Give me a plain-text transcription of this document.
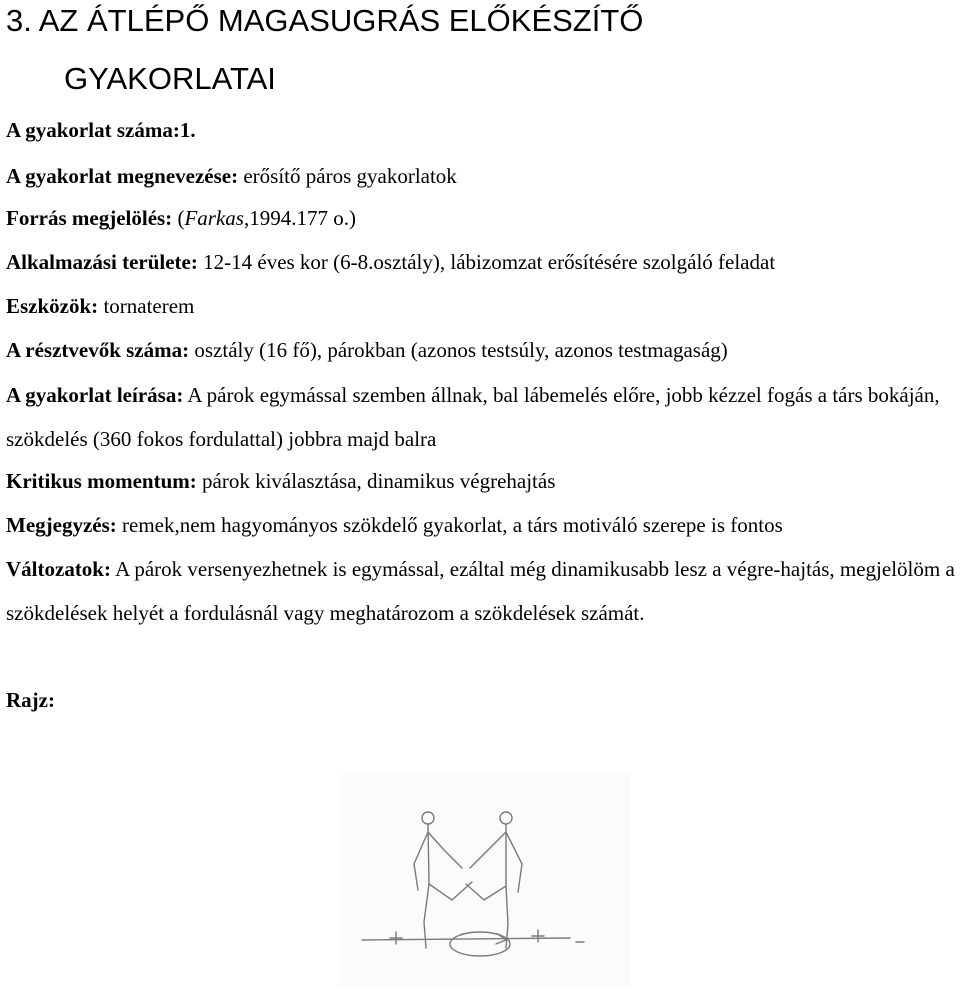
3. AZ ÁTLÉPŐ MAGASUGRÁS ELŐKÉSZÍTŐ
GYAKORLATAI

A gyakorlat száma:1.

A gyakorlat megnevezése: erősítő páros gyakorlatok

Forrás megjelölés: (Farkas,1994.177 o.)

Alkalmazási területe: 12-14 éves kor (6-8.osztály), lábizomzat erősítésére szolgáló feladat

Eszközök: tornaterem

A résztvevők száma: osztály (16 fő), párokban (azonos testsúly, azonos testmagaság)

A gyakorlat leírása: A párok egymással szemben állnak, bal lábemelés előre, jobb kézzel fogás a társ bokáján, szökdelés (360 fokos fordulattal) jobbra majd balra

Kritikus momentum: párok kiválasztása, dinamikus végrehajtás

Megjegyzés: remek,nem hagyományos szökdelő gyakorlat, a társ motiváló szerepe is fontos

Változatok: A párok versenyezhetnek is egymással, ezáltal még dinamikusabb lesz a végre-hajtás, megjelölöm a szökdelések helyét a fordulásnál vagy meghatározom a szökdelések számát.

Rajz:
